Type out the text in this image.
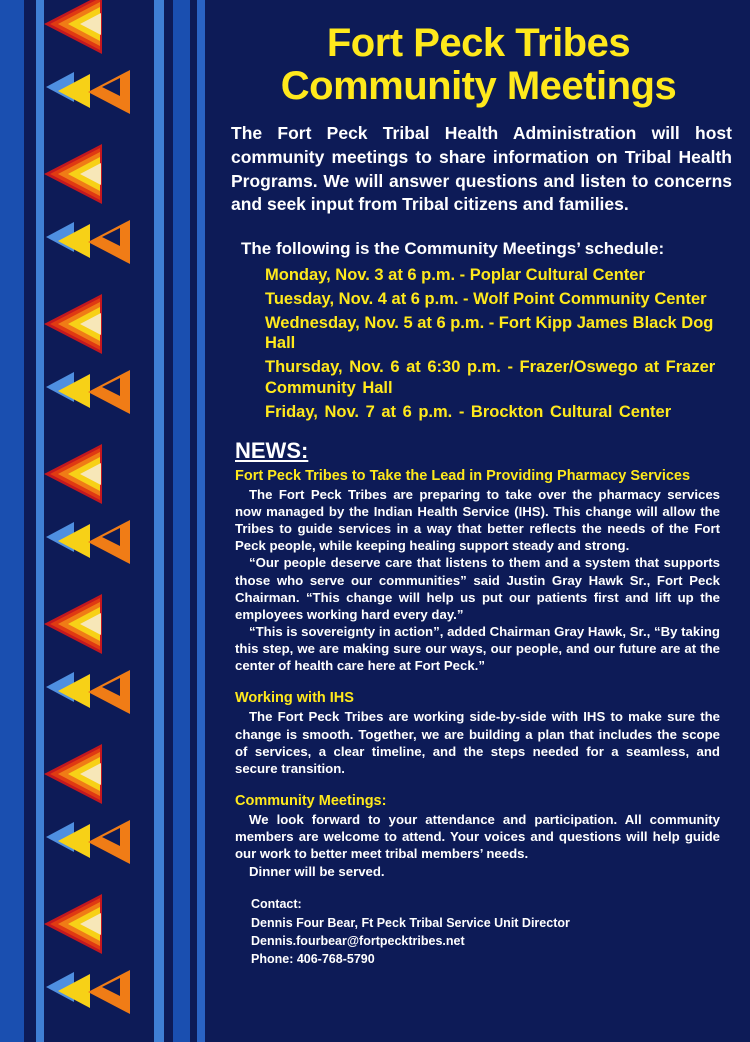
Fort Peck Tribes
Community Meetings

The Fort Peck Tribal Health Administration will host community meetings to share information on Tribal Health Programs. We will answer questions and listen to concerns and seek input from Tribal citizens and families.

The following is the Community Meetings’ schedule:
Monday, Nov. 3 at 6 p.m. - Poplar Cultural Center
Tuesday, Nov. 4 at 6 p.m. - Wolf Point Community Center
Wednesday, Nov. 5 at 6 p.m. - Fort Kipp James Black Dog Hall
Thursday, Nov. 6 at 6:30 p.m. - Frazer/Oswego at Frazer Community Hall
Friday, Nov. 7 at 6 p.m. - Brockton Cultural Center
NEWS:
Fort Peck Tribes to Take the Lead in Providing Pharmacy Services

The Fort Peck Tribes are preparing to take over the pharmacy services now managed by the Indian Health Service (IHS). This change will allow the Tribes to guide services in a way that better reflects the needs of the Fort Peck people, while keeping healing support steady and strong.

“Our people deserve care that listens to them and a system that supports those who serve our communities” said Justin Gray Hawk Sr., Fort Peck Chairman. “This change will help us put our patients first and lift up the employees working hard every day.”

“This is sovereignty in action”, added Chairman Gray Hawk, Sr., “By taking this step, we are making sure our ways, our people, and our future are at the center of health care here at Fort Peck.”

Working with IHS

The Fort Peck Tribes are working side-by-side with IHS to make sure the change is smooth. Together, we are building a plan that includes the scope of services, a clear timeline, and the steps needed for a seamless, and secure transition.

Community Meetings:

We look forward to your attendance and participation. All community members are welcome to attend. Your voices and questions will help guide our work to better meet tribal members’ needs.

Dinner will be served.

Contact:
Dennis Four Bear, Ft Peck Tribal Service Unit Director
Dennis.fourbear@fortpecktribes.net
Phone: 406-768-5790
